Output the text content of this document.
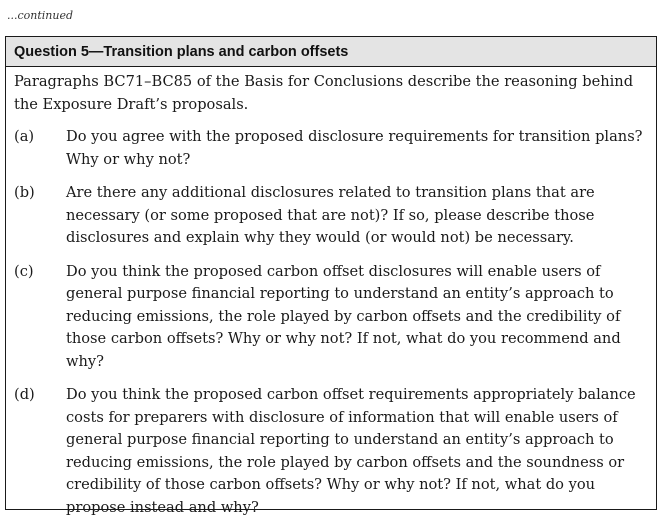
...continued
Question 5—Transition plans and carbon offsets

Paragraphs BC71–BC85 of the Basis for Conclusions describe the reasoning behind the Exposure Draft’s proposals.

(a)	Do you agree with the proposed disclosure requirements for transition plans? Why or why not?

(b)	Are there any additional disclosures related to transition plans that are necessary (or some proposed that are not)? If so, please describe those disclosures and explain why they would (or would not) be necessary.

(c)	Do you think the proposed carbon offset disclosures will enable users of general purpose financial reporting to understand an entity’s approach to reducing emissions, the role played by carbon offsets and the credibility of those carbon offsets? Why or why not? If not, what do you recommend and why?

(d)	Do you think the proposed carbon offset requirements appropriately balance costs for preparers with disclosure of information that will enable users of general purpose financial reporting to understand an entity’s approach to reducing emissions, the role played by carbon offsets and the soundness or credibility of those carbon offsets? Why or why not? If not, what do you propose instead and why?
